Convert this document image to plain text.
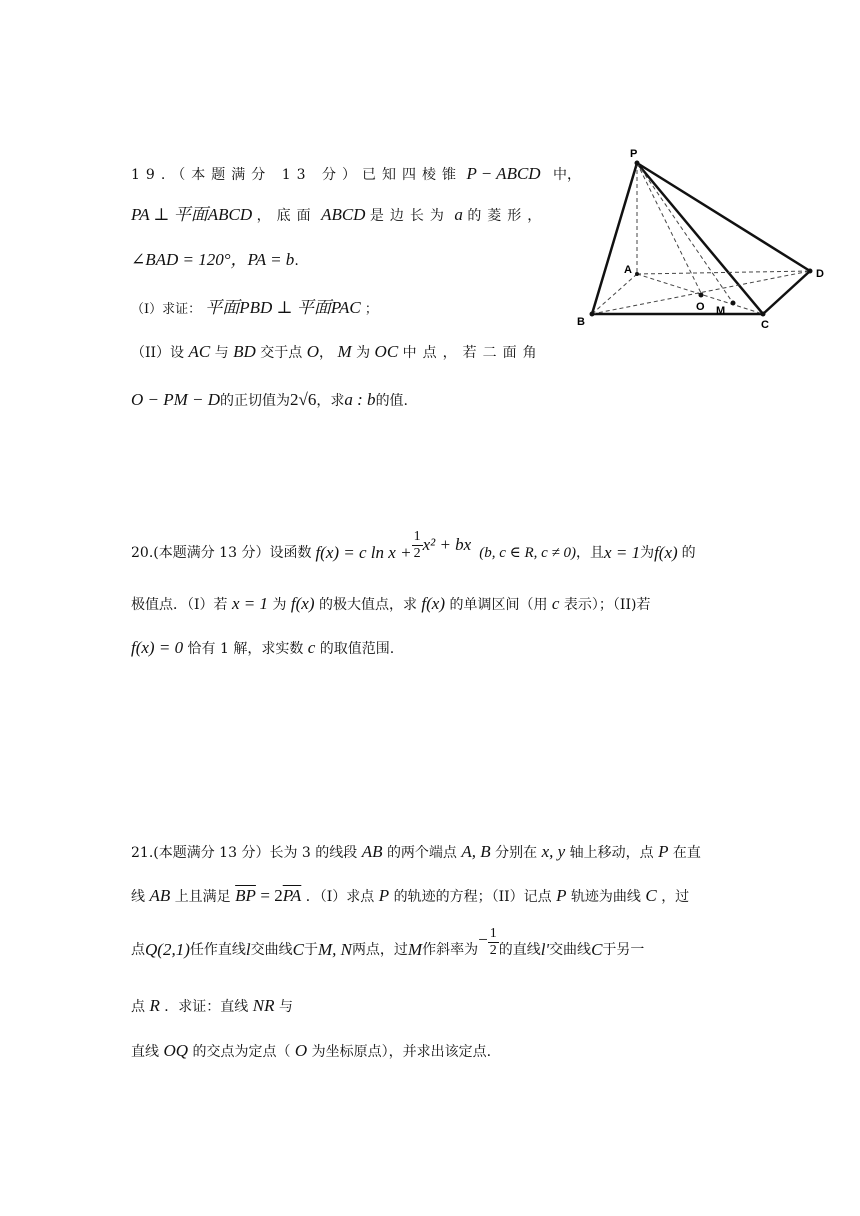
19.（本题满分 13 分）已知四棱锥 P − ABCD 中，
PA ⊥ 平面ABCD ，底面 ABCD 是边长为 a 的菱形，
∠BAD = 120°，PA = b.
（I）求证： 平面PBD ⊥ 平面PAC ；
（II）设 AC 与 BD 交于点 O， M 为 OC 中点，若二面角
O − PM − D的正切值为2√6，求a : b的值.
P
A	D
O M
B	C
20.(本题满分 13 分）设函数 f(x) = c $\ln x + \frac{1}{2} x^2$ + bx (b, c ∈ R, c ≠ 0) ，且 x = 1 为 f(x) 的
极值点．（I）若 x = 1 为 f(x) 的极大值点，求 f(x) 的单调区间（用 c 表示）；（II)若
f(x) = 0 恰有 1 解，求实数 c 的取值范围.
21.(本题满分 13 分）长为 3 的线段 AB 的两个端点 A, B 分别在 x, y 轴上移动，点 P 在直
线 AB 上且满足 $\overline{BP} = 2\overline{PA}$ ．（I）求点 P 的轨迹的方程；（II）记点 P 轨迹为曲线 C ，过
点 Q(2,1) 任作直线 l 交曲线 C 于 M, N 两点，过 M 作斜率为
− $\frac{1}{2}$ 的直线 l' 交曲线 C 于另一
点 R ．求证：直线 NR 与
直线 OQ 的交点为定点（ O 为坐标原点），并求出该定点.
